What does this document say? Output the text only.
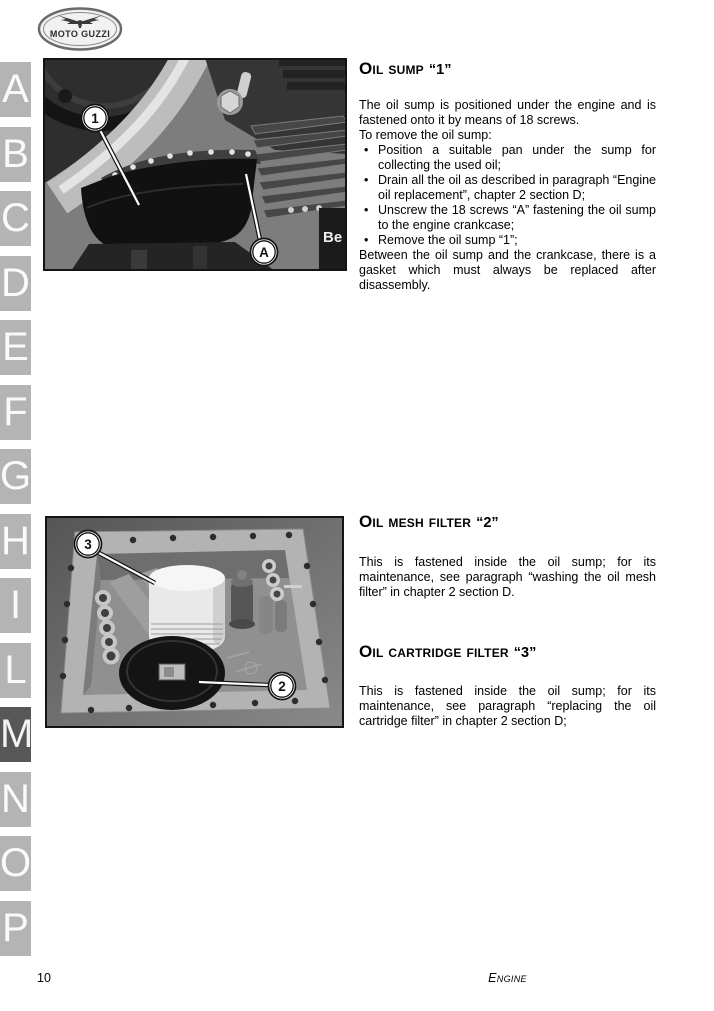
MOTO GUZZI
A
B
C
D
E
F
G
H
I
L
M
N
O
P
Be
1
A
3
2
Oil sump “1”

The oil sump is positioned under the engine and is fastened onto it by means of 18 screws.

To remove the oil sump:

• Position a suitable pan under the sump for collecting the used oil;
• Drain all the oil as described in paragraph “Engine oil replacement”, chapter 2 section D;
• Unscrew the 18 screws “A” fastening the oil sump to the engine crankcase;
• Remove the oil sump “1”;

Between the oil sump and the crankcase, there is a gasket which must always be replaced after disassembly.

Oil mesh filter “2”

This is fastened inside the oil sump; for its maintenance, see paragraph “washing the oil mesh filter” in chapter 2 section D.

Oil cartridge filter “3”

This is fastened inside the oil sump; for its maintenance, see paragraph “replacing the oil cartridge filter” in chapter 2 section D;

10	Engine
